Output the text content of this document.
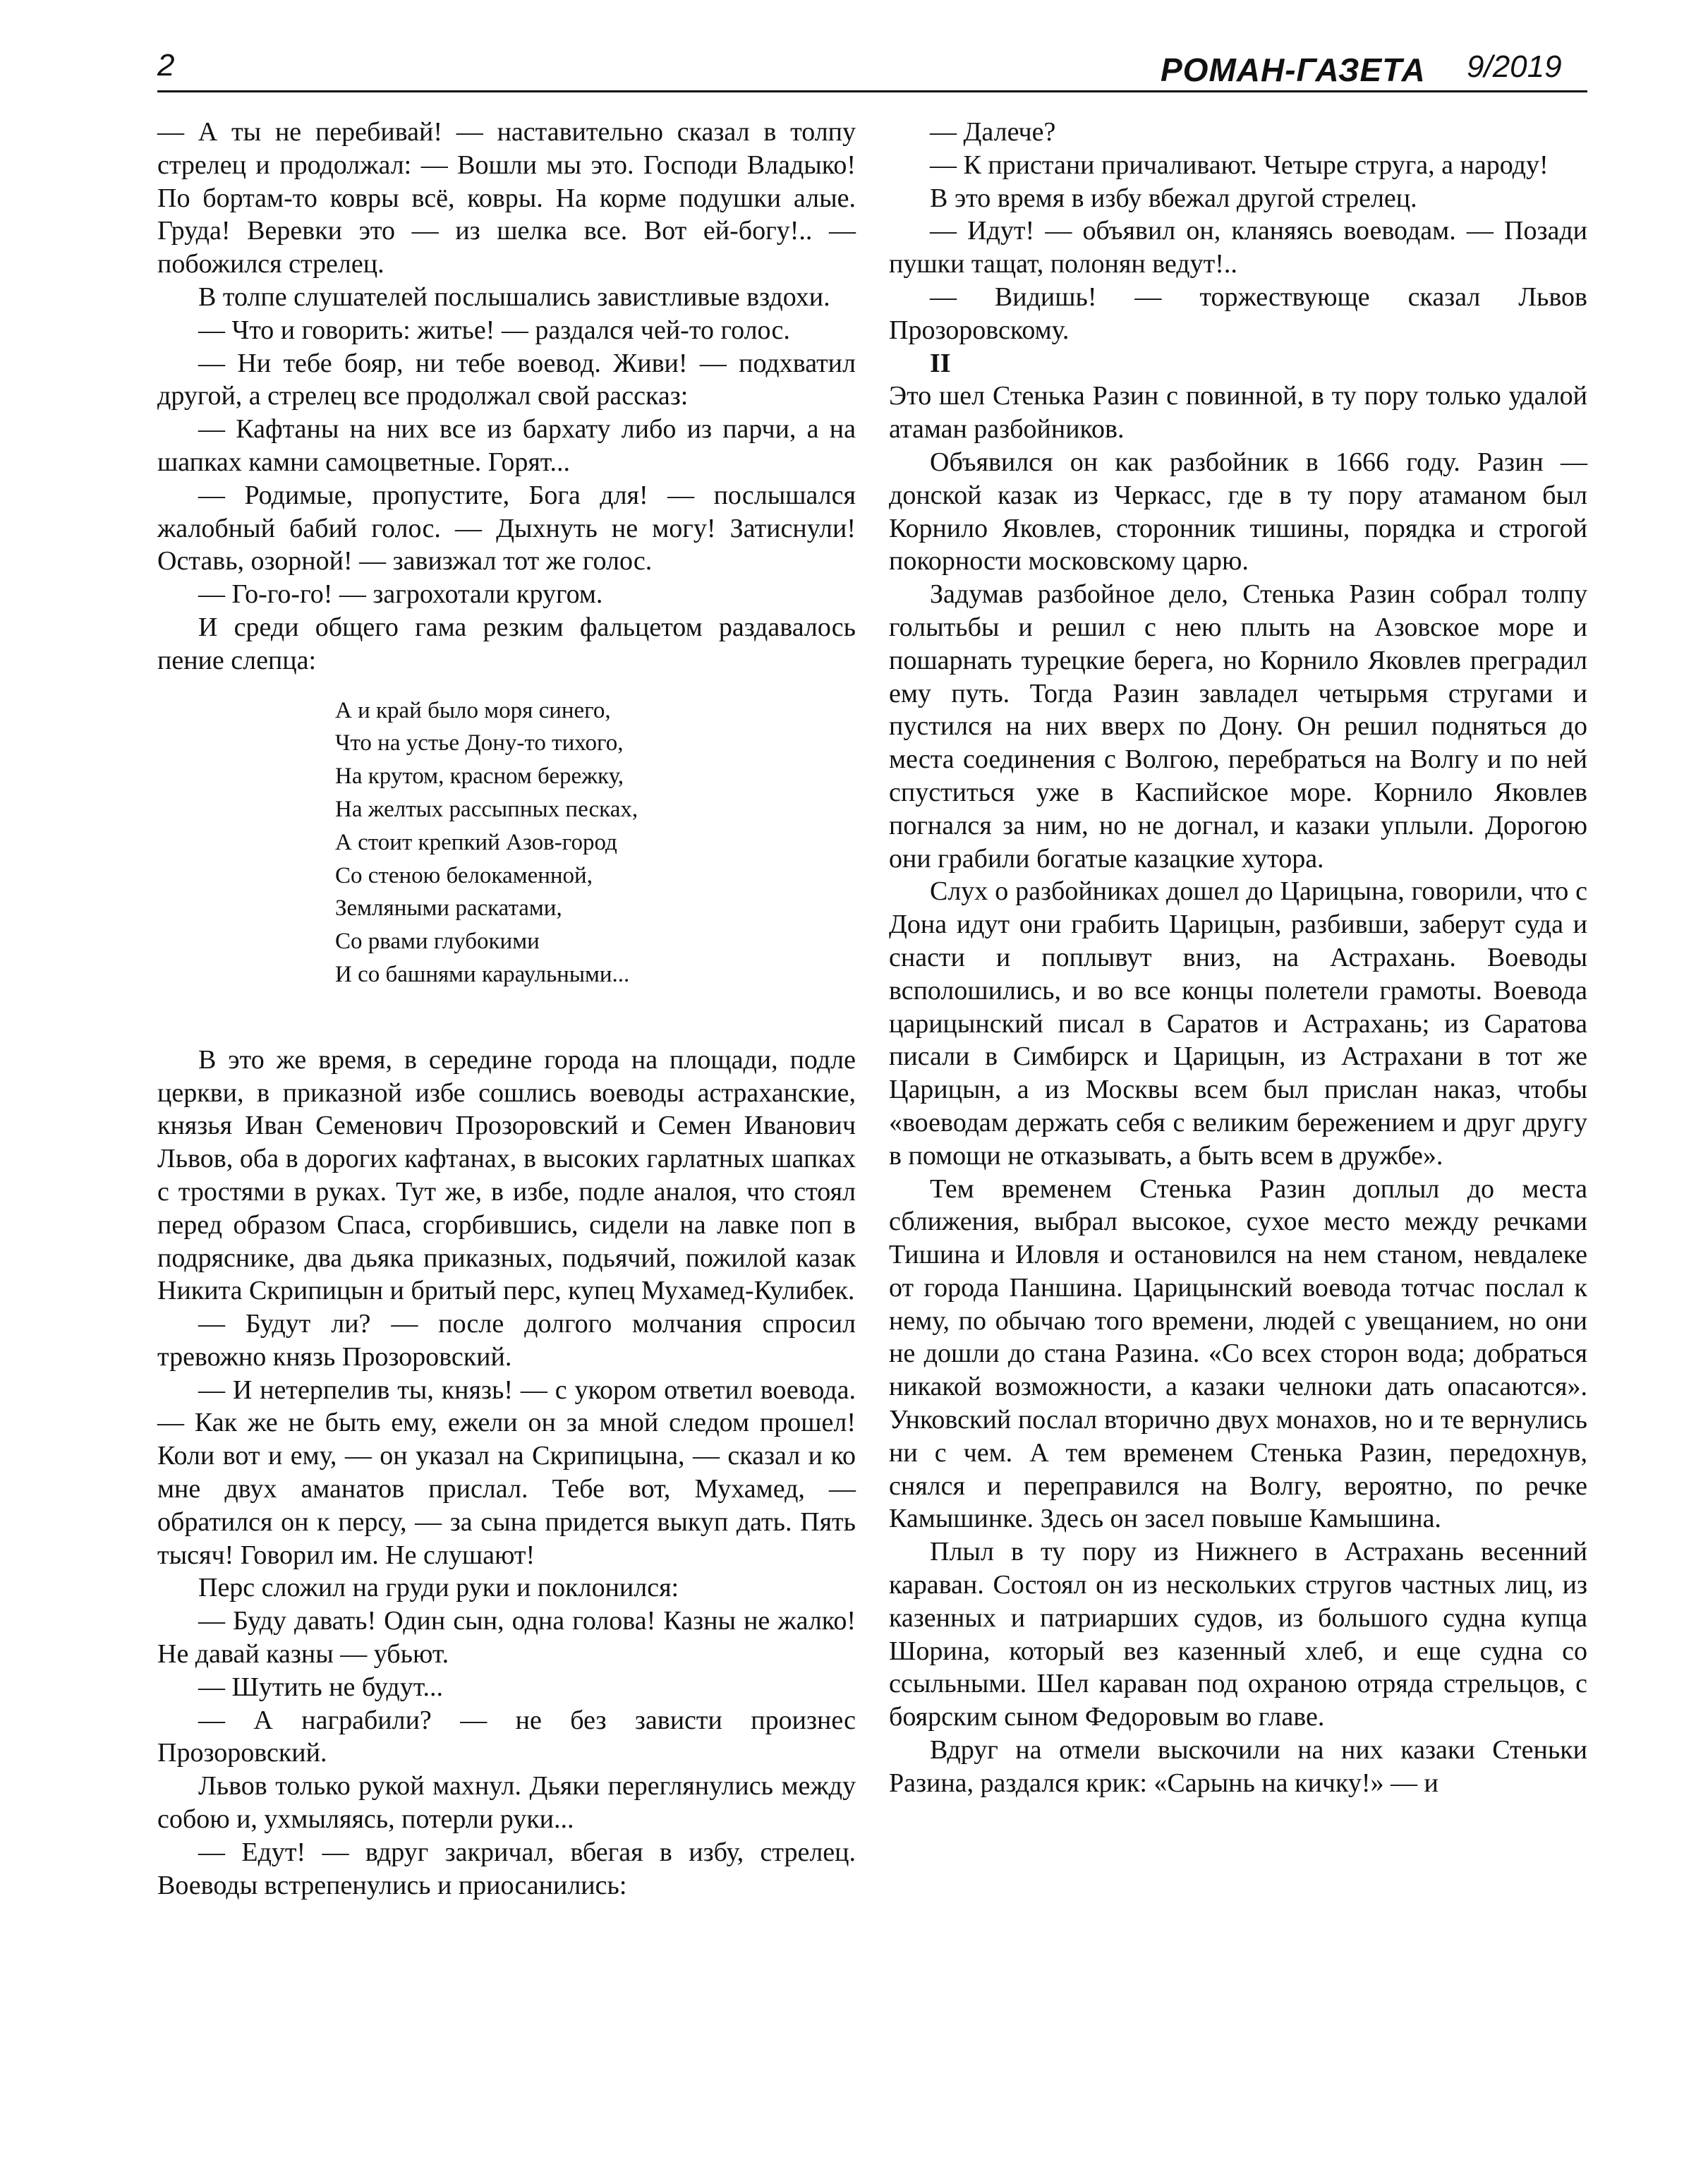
2	РОМАН-ГАЗЕТА 9/2019

— А ты не перебивай! — наставительно сказал в толпу стрелец и продолжал: — Вошли мы это. Господи Владыко! По бортам-то ковры всё, ковры. На корме подушки алые. Груда! Веревки это — из шелка все. Вот ей-богу!.. — побожился стрелец.

В толпе слушателей послышались завистливые вздохи.

— Что и говорить: житье! — раздался чей-то голос.

— Ни тебе бояр, ни тебе воевод. Живи! — подхватил другой, а стрелец все продолжал свой рассказ:

— Кафтаны на них все из бархату либо из парчи, а на шапках камни самоцветные. Горят...

— Родимые, пропустите, Бога для! — послышался жалобный бабий голос. — Дыхнуть не могу! Затиснули! Оставь, озорной! — завизжал тот же голос.

— Го-го-го! — загрохотали кругом.

И среди общего гама резким фальцетом раздавалось пение слепца:

А и край было моря синего,
Что на устье Дону-то тихого,
На крутом, красном бережку,
На желтых рассыпных песках,
А стоит крепкий Азов-город
Со стеною белокаменной,
Земляными раскатами,
Со рвами глубокими
И со башнями караульными...

В это же время, в середине города на площади, подле церкви, в приказной избе сошлись воеводы астраханские, князья Иван Семенович Прозоровский и Семен Иванович Львов, оба в дорогих кафтанах, в высоких гарлатных шапках с тростями в руках. Тут же, в избе, подле аналоя, что стоял перед образом Спаса, сгорбившись, сидели на лавке поп в подряснике, два дьяка приказных, подьячий, пожилой казак Никита Скрипицын и бритый перс, купец Мухамед-Кулибек.

— Будут ли? — после долгого молчания спросил тревожно князь Прозоровский.

— И нетерпелив ты, князь! — с укором ответил воевода. — Как же не быть ему, ежели он за мной следом прошел! Коли вот и ему, — он указал на Скрипицына, — сказал и ко мне двух аманатов прислал. Тебе вот, Мухамед, — обратился он к персу, — за сына придется выкуп дать. Пять тысяч! Говорил им. Не слушают!

Перс сложил на груди руки и поклонился:

— Буду давать! Один сын, одна голова! Казны не жалко! Не давай казны — убьют.

— Шутить не будут...

— А награбили? — не без зависти произнес Прозоровский.

Львов только рукой махнул. Дьяки переглянулись между собою и, ухмыляясь, потерли руки...

— Едут! — вдруг закричал, вбегая в избу, стрелец. Воеводы встрепенулись и приосанились:

— Далече?

— К пристани причаливают. Четыре струга, а народу!

В это время в избу вбежал другой стрелец.

— Идут! — объявил он, кланяясь воеводам. — Позади пушки тащат, полонян ведут!..

— Видишь! — торжествующе сказал Львов Прозоровскому.

II

Это шел Стенька Разин с повинной, в ту пору только удалой атаман разбойников.

Объявился он как разбойник в 1666 году. Разин — донской казак из Черкасс, где в ту пору атаманом был Корнило Яковлев, сторонник тишины, порядка и строгой покорности московскому царю.

Задумав разбойное дело, Стенька Разин собрал толпу голытьбы и решил с нею плыть на Азовское море и пошарнать турецкие берега, но Корнило Яковлев преградил ему путь. Тогда Разин завладел четырьмя стругами и пустился на них вверх по Дону. Он решил подняться до места соединения с Волгою, перебраться на Волгу и по ней спуститься уже в Каспийское море. Корнило Яковлев погнался за ним, но не догнал, и казаки уплыли. Дорогою они грабили богатые казацкие хутора.

Слух о разбойниках дошел до Царицына, говорили, что с Дона идут они грабить Царицын, разбивши, заберут суда и снасти и поплывут вниз, на Астрахань. Воеводы всполошились, и во все концы полетели грамоты. Воевода царицынский писал в Саратов и Астрахань; из Саратова писали в Симбирск и Царицын, из Астрахани в тот же Царицын, а из Москвы всем был прислан наказ, чтобы «воеводам держать себя с великим бережением и друг другу в помощи не отказывать, а быть всем в дружбе».

Тем временем Стенька Разин доплыл до места сближения, выбрал высокое, сухое место между речками Тишина и Иловля и остановился на нем станом, невдалеке от города Паншина. Царицынский воевода тотчас послал к нему, по обычаю того времени, людей с увещанием, но они не дошли до стана Разина. «Со всех сторон вода; добраться никакой возможности, а казаки челноки дать опасаются». Унковский послал вторично двух монахов, но и те вернулись ни с чем. А тем временем Стенька Разин, передохнув, снялся и переправился на Волгу, вероятно, по речке Камышинке. Здесь он засел повыше Камышина.

Плыл в ту пору из Нижнего в Астрахань весенний караван. Состоял он из нескольких стругов частных лиц, из казенных и патриарших судов, из большого судна купца Шорина, который вез казенный хлеб, и еще судна со ссыльными. Шел караван под охраною отряда стрельцов, с боярским сыном Федоровым во главе.

Вдруг на отмели выскочили на них казаки Стеньки Разина, раздался крик: «Сарынь на кичку!» — и
